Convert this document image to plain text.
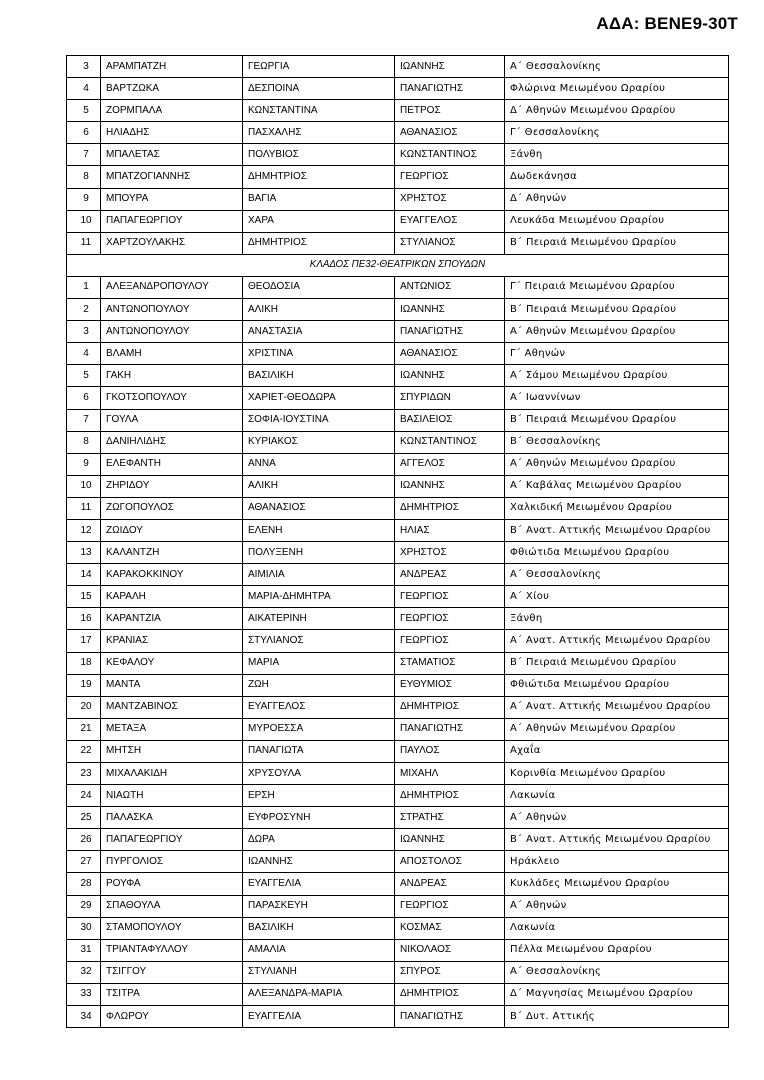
ΑΔΑ: ΒΕΝΕ9-30Τ
3	ΑΡΑΜΠΑΤΖΗ	ΓΕΩΡΓΙΑ	ΙΩΑΝΝΗΣ	Α΄ Θεσσαλονίκης
4	ΒΑΡΤΖΩΚΑ	ΔΕΣΠΟΙΝΑ	ΠΑΝΑΓΙΩΤΗΣ	Φλώρινα Μειωμένου Ωραρίου
5	ΖΟΡΜΠΑΛΑ	ΚΩΝΣΤΑΝΤΙΝΑ	ΠΕΤΡΟΣ	Δ΄ Αθηνών Μειωμένου Ωραρίου
6	ΗΛΙΑΔΗΣ	ΠΑΣΧΑΛΗΣ	ΑΘΑΝΑΣΙΟΣ	Γ΄ Θεσσαλονίκης
7	ΜΠΑΛΕΤΑΣ	ΠΟΛΥΒΙΟΣ	ΚΩΝΣΤΑΝΤΙΝΟΣ	Ξάνθη
8	ΜΠΑΤΖΟΓΙΑΝΝΗΣ	ΔΗΜΗΤΡΙΟΣ	ΓΕΩΡΓΙΟΣ	Δωδεκάνησα
9	ΜΠΟΥΡΑ	ΒΑΓΙΑ	ΧΡΗΣΤΟΣ	Δ΄ Αθηνών
10	ΠΑΠΑΓΕΩΡΓΙΟΥ	ΧΑΡΑ	ΕΥΑΓΓΕΛΟΣ	Λευκάδα Μειωμένου Ωραρίου
11	ΧΑΡΤΖΟΥΛΑΚΗΣ	ΔΗΜΗΤΡΙΟΣ	ΣΤΥΛΙΑΝΟΣ	Β΄ Πειραιά Μειωμένου Ωραρίου
ΚΛΑΔΟΣ ΠΕ32-ΘΕΑΤΡΙΚΩΝ ΣΠΟΥΔΩΝ				
1	ΑΛΕΞΑΝΔΡΟΠΟΥΛΟΥ	ΘΕΟΔΟΣΙΑ	ΑΝΤΩΝΙΟΣ	Γ΄ Πειραιά Μειωμένου Ωραρίου
2	ΑΝΤΩΝΟΠΟΥΛΟΥ	ΑΛΙΚΗ	ΙΩΑΝΝΗΣ	Β΄ Πειραιά Μειωμένου Ωραρίου
3	ΑΝΤΩΝΟΠΟΥΛΟΥ	ΑΝΑΣΤΑΣΙΑ	ΠΑΝΑΓΙΩΤΗΣ	Α΄ Αθηνών Μειωμένου Ωραρίου
4	ΒΛΑΜΗ	ΧΡΙΣΤΙΝΑ	ΑΘΑΝΑΣΙΟΣ	Γ΄ Αθηνών
5	ΓΑΚΗ	ΒΑΣΙΛΙΚΗ	ΙΩΑΝΝΗΣ	Α΄ Σάμου Μειωμένου Ωραρίου
6	ΓΚΟΤΣΟΠΟΥΛΟΥ	ΧΑΡΙΕΤ-ΘΕΟΔΩΡΑ	ΣΠΥΡΙΔΩΝ	Α΄ Ιωαννίνων
7	ΓΟΥΛΑ	ΣΟΦΙΑ-ΙΟΥΣΤΙΝΑ	ΒΑΣΙΛΕΙΟΣ	Β΄ Πειραιά Μειωμένου Ωραρίου
8	ΔΑΝΙΗΛΙΔΗΣ	ΚΥΡΙΑΚΟΣ	ΚΩΝΣΤΑΝΤΙΝΟΣ	Β΄ Θεσσαλονίκης
9	ΕΛΕΦΑΝΤΗ	ΑΝΝΑ	ΑΓΓΕΛΟΣ	Α΄ Αθηνών Μειωμένου Ωραρίου
10	ΖΗΡΙΔΟΥ	ΑΛΙΚΗ	ΙΩΑΝΝΗΣ	Α΄ Καβάλας Μειωμένου Ωραρίου
11	ΖΩΓΟΠΟΥΛΟΣ	ΑΘΑΝΑΣΙΟΣ	ΔΗΜΗΤΡΙΟΣ	Χαλκιδική Μειωμένου Ωραρίου
12	ΖΩΙΔΟΥ	ΕΛΕΝΗ	ΗΛΙΑΣ	Β΄ Ανατ. Αττικής Μειωμένου Ωραρίου
13	ΚΑΛΑΝΤΖΗ	ΠΟΛΥΞΕΝΗ	ΧΡΗΣΤΟΣ	Φθιώτιδα Μειωμένου Ωραρίου
14	ΚΑΡΑΚΟΚΚΙΝΟΥ	ΑΙΜΙΛΙΑ	ΑΝΔΡΕΑΣ	Α΄ Θεσσαλονίκης
15	ΚΑΡΑΛΗ	ΜΑΡΙΑ-ΔΗΜΗΤΡΑ	ΓΕΩΡΓΙΟΣ	Α΄ Χίου
16	ΚΑΡΑΝΤΖΙΑ	ΑΙΚΑΤΕΡΙΝΗ	ΓΕΩΡΓΙΟΣ	Ξάνθη
17	ΚΡΑΝΙΑΣ	ΣΤΥΛΙΑΝΟΣ	ΓΕΩΡΓΙΟΣ	Α΄ Ανατ. Αττικής Μειωμένου Ωραρίου
18	ΚΕΦΑΛΟΥ	ΜΑΡΙΑ	ΣΤΑΜΑΤΙΟΣ	Β΄ Πειραιά Μειωμένου Ωραρίου
19	ΜΑΝΤΑ	ΖΩΗ	ΕΥΘΥΜΙΟΣ	Φθιώτιδα Μειωμένου Ωραρίου
20	ΜΑΝΤΖΑΒΙΝΟΣ	ΕΥΑΓΓΕΛΟΣ	ΔΗΜΗΤΡΙΟΣ	Α΄ Ανατ. Αττικής Μειωμένου Ωραρίου
21	ΜΕΤΑΞΑ	ΜΥΡΟΕΣΣΑ	ΠΑΝΑΓΙΩΤΗΣ	Α΄ Αθηνών Μειωμένου Ωραρίου
22	ΜΗΤΣΗ	ΠΑΝΑΓΙΩΤΑ	ΠΑΥΛΟΣ	Αχαΐα
23	ΜΙΧΑΛΑΚΙΔΗ	ΧΡΥΣΟΥΛΑ	ΜΙΧΑΗΛ	Κορινθία Μειωμένου Ωραρίου
24	ΝΙΑΩΤΗ	ΕΡΣΗ	ΔΗΜΗΤΡΙΟΣ	Λακωνία
25	ΠΑΛΑΣΚΑ	ΕΥΦΡΟΣΥΝΗ	ΣΤΡΑΤΗΣ	Α΄ Αθηνών
26	ΠΑΠΑΓΕΩΡΓΙΟΥ	ΔΩΡΑ	ΙΩΑΝΝΗΣ	Β΄ Ανατ. Αττικής Μειωμένου Ωραρίου
27	ΠΥΡΓΟΛΙΟΣ	ΙΩΑΝΝΗΣ	ΑΠΟΣΤΟΛΟΣ	Ηράκλειο
28	ΡΟΥΦΑ	ΕΥΑΓΓΕΛΙΑ	ΑΝΔΡΕΑΣ	Κυκλάδες Μειωμένου Ωραρίου
29	ΣΠΑΘΟΥΛΑ	ΠΑΡΑΣΚΕΥΗ	ΓΕΩΡΓΙΟΣ	Α΄ Αθηνών
30	ΣΤΑΜΟΠΟΥΛΟΥ	ΒΑΣΙΛΙΚΗ	ΚΟΣΜΑΣ	Λακωνία
31	ΤΡΙΑΝΤΑΦΥΛΛΟΥ	ΑΜΑΛΙΑ	ΝΙΚΟΛΑΟΣ	Πέλλα Μειωμένου Ωραρίου
32	ΤΣΙΓΓΟΥ	ΣΤΥΛΙΑΝΗ	ΣΠΥΡΟΣ	Α΄ Θεσσαλονίκης
33	ΤΣΙΤΡΑ	ΑΛΕΞΑΝΔΡΑ-ΜΑΡΙΑ	ΔΗΜΗΤΡΙΟΣ	Δ΄ Μαγνησίας Μειωμένου Ωραρίου
34	ΦΛΩΡΟΥ	ΕΥΑΓΓΕΛΙΑ	ΠΑΝΑΓΙΩΤΗΣ	Β΄ Δυτ. Αττικής
